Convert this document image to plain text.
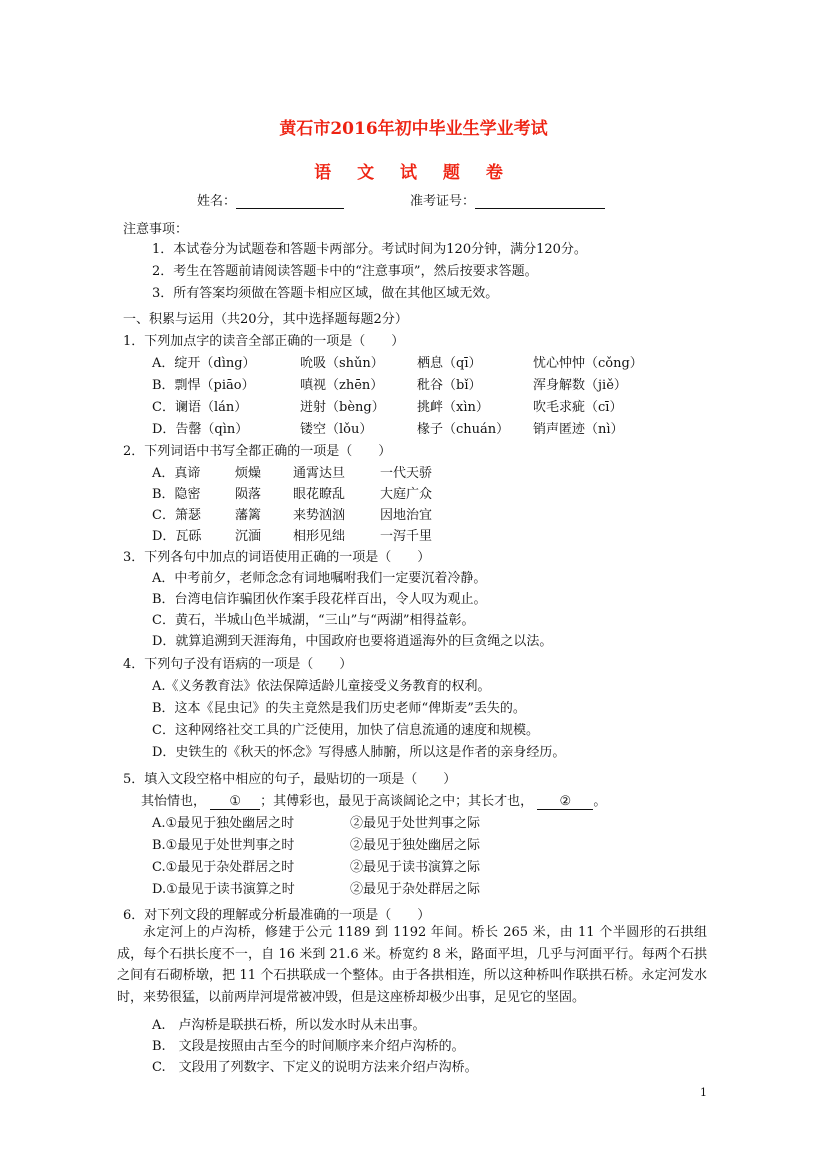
黄石市2016年初中毕业生学业考试
语 文 试 题 卷
姓名：	准考证号：
注意事项：
1．本试卷分为试题卷和答题卡两部分。考试时间为120分钟，满分120分。
2．考生在答题前请阅读答题卡中的“注意事项”，然后按要求答题。
3．所有答案均须做在答题卡相应区域，做在其他区域无效。
一、积累与运用（共20分，其中选择题每题2分）
1．下列加点字的读音全部正确的一项是（　　）
A．绽开（dìng）	吮吸（shǔn）	栖息（qī）	忧心忡忡（cǒng）
B．剽悍（piāo）	嗔视（zhēn）	秕谷（bǐ）	浑身解数（jiě）
C．谰语（lán）	迸射（bèng） 挑衅（xìn）	吹毛求疵（cī）
D．告罄（qìn）	镂空（lǒu）	椽子（chuán） 销声匿迹（nì）
2．下列词语中书写全都正确的一项是（　　）
A．真谛	烦燥 通霄达旦	一代天骄
B．隐密	陨落 眼花瞭乱	大庭广众
C．箫瑟	藩篱 来势汹汹	因地治宜
D．瓦砾	沉湎 相形见绌	一泻千里
3．下列各句中加点的词语使用正确的一项是（　　）
A．中考前夕，老师念念有词地嘱咐我们一定要沉着冷静。
B．台湾电信诈骗团伙作案手段花样百出，令人叹为观止。
C．黄石，半城山色半城湖，“三山”与“两湖”相得益彰。
D．就算追溯到天涯海角，中国政府也要将逍遥海外的巨贪绳之以法。
4．下列句子没有语病的一项是（　　）
A.《义务教育法》依法保障适龄儿童接受义务教育的权利。
B．这本《昆虫记》的失主竟然是我们历史老师“俾斯麦”丢失的。
C．这种网络社交工具的广泛使用，加快了信息流通的速度和规模。
D．史铁生的《秋天的怀念》写得感人肺腑，所以这是作者的亲身经历。
5．填入文段空格中相应的句子，最贴切的一项是（　　）
其怡情也， ① ；其傅彩也，最见于高谈阔论之中；其长才也， ② 。
A.①最见于独处幽居之时	②最见于处世判事之际
B.①最见于处世判事之时	②最见于独处幽居之际
C.①最见于杂处群居之时	②最见于读书演算之际
D.①最见于读书演算之时	②最见于杂处群居之际
6．对下列文段的理解或分析最准确的一项是（　　）
永定河上的卢沟桥，修建于公元 1189 到 1192 年间。桥长 265 米，由 11 个半圆形的石拱组成，每个石拱长度不一，自 16 米到 21.6 米。桥宽约 8 米，路面平坦，几乎与河面平行。每两个石拱之间有石砌桥墩，把 11 个石拱联成一个整体。由于各拱相连，所以这种桥叫作联拱石桥。永定河发水时，来势很猛，以前两岸河堤常被冲毁，但是这座桥却极少出事，足见它的坚固。
A.　卢沟桥是联拱石桥，所以发水时从未出事。
B.　文段是按照由古至今的时间顺序来介绍卢沟桥的。
C.　文段用了列数字、下定义的说明方法来介绍卢沟桥。
1
